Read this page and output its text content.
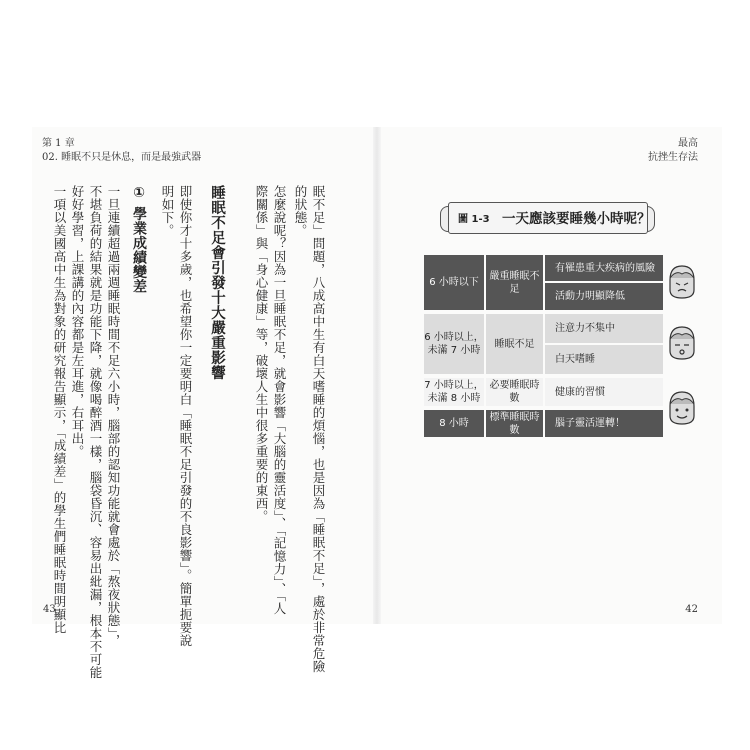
第 1 章
02. 睡眠不只是休息，而是最強武器
最高
抗挫生存法
眠不足」問題，八成高中生有白天嗜睡的煩惱，也是因為「睡眠不足」，處於非常危險
的狀態。
怎麼說呢？因為一旦睡眠不足，就會影響「大腦的靈活度」、「記憶力」、「人
際關係」與「身心健康」等，破壞人生中很多重要的東西。
睡眠不足會引發十大嚴重影響
即使你才十多歲，也希望你一定要明白「睡眠不足引發的不良影響」。簡單扼要說
明如下。
① 學業成績變差
一旦連續超過兩週睡眠時間不足六小時，腦部的認知功能就會處於「熬夜狀態」，
不堪負荷的結果就是功能下降，就像喝醉酒一樣，腦袋昏沉、容易出紕漏，根本不可能
好好學習，上課講的內容都是左耳進，右耳出。
一項以美國高中生為對象的研究報告顯示，「成績差」的學生們睡眠時間明顯比	圖 1-3 一天應該要睡幾小時呢？
6 小時以下
嚴重睡眠不足
有罹患重大疾病的風險
活動力明顯降低
6 小時以上，
未滿 7 小時
睡眠不足
注意力不集中
白天嗜睡
7 小時以上，
未滿 8 小時
必要睡眠時數
健康的習慣
8 小時
標準睡眠時數
腦子靈活運轉！
43	42
